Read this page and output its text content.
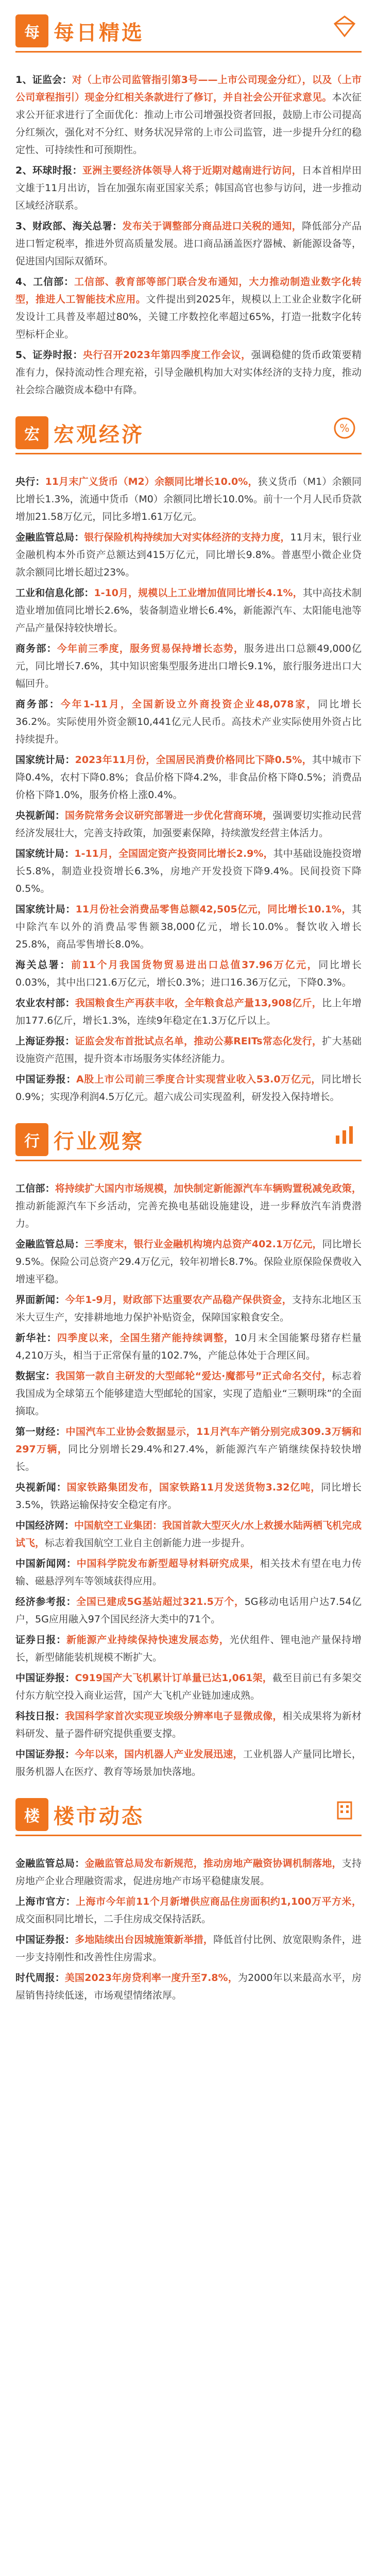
每 每日精选

1、证监会：对（上市公司监管指引第3号——上市公司现金分红），以及（上市公司章程指引）现金分红相关条款进行了修订，并自社会公开征求意见。本次征求公开征求进行了全面优化：推动上市公司增强投资者回报，鼓励上市公司提高分红频次，强化对不分红、财务状况异常的上市公司监管，进一步提升分红的稳定性、可持续性和可预期性。

2、环球时报：亚洲主要经济体领导人将于近期对越南进行访问，日本首相岸田文雄于11月出访，旨在加强东南亚国家关系；韩国高官也参与访问，进一步推动区域经济联系。

3、财政部、海关总署：发布关于调整部分商品进口关税的通知，降低部分产品进口暂定税率，推进外贸高质量发展。进口商品涵盖医疗器械、新能源设备等，促进国内国际双循环。

4、工信部：工信部、教育部等部门联合发布通知，大力推动制造业数字化转型，推进人工智能技术应用。文件提出到2025年，规模以上工业企业数字化研发设计工具普及率超过80%，关键工序数控化率超过65%，打造一批数字化转型标杆企业。

5、证券时报：央行召开2023年第四季度工作会议，强调稳健的货币政策要精准有力，保持流动性合理充裕，引导金融机构加大对实体经济的支持力度，推动社会综合融资成本稳中有降。

宏 宏观经济	%

央行：11月末广义货币（M2）余额同比增长10.0%，狭义货币（M1）余额同比增长1.3%，流通中货币（M0）余额同比增长10.0%。前十一个月人民币贷款增加21.58万亿元，同比多增1.61万亿元。

金融监管总局：银行保险机构持续加大对实体经济的支持力度，11月末，银行业金融机构本外币资产总额达到415万亿元，同比增长9.8%。普惠型小微企业贷款余额同比增长超过23%。

工业和信息化部：1-10月，规模以上工业增加值同比增长4.1%，其中高技术制造业增加值同比增长2.6%，装备制造业增长6.4%，新能源汽车、太阳能电池等产品产量保持较快增长。

商务部：今年前三季度，服务贸易保持增长态势，服务进出口总额49,000亿元，同比增长7.6%，其中知识密集型服务进出口增长9.1%，旅行服务进出口大幅回升。

商务部：今年1-11月，全国新设立外商投资企业48,078家，同比增长36.2%。实际使用外资金额10,441亿元人民币。高技术产业实际使用外资占比持续提升。

国家统计局：2023年11月份，全国居民消费价格同比下降0.5%，其中城市下降0.4%，农村下降0.8%；食品价格下降4.2%，非食品价格下降0.5%；消费品价格下降1.0%，服务价格上涨0.4%。

央视新闻：国务院常务会议研究部署进一步优化营商环境，强调要切实推动民营经济发展壮大，完善支持政策，加强要素保障，持续激发经营主体活力。

国家统计局：1-11月，全国固定资产投资同比增长2.9%，其中基础设施投资增长5.8%，制造业投资增长6.3%，房地产开发投资下降9.4%。民间投资下降0.5%。

国家统计局：11月份社会消费品零售总额42,505亿元，同比增长10.1%，其中除汽车以外的消费品零售额38,000亿元，增长10.0%。餐饮收入增长25.8%，商品零售增长8.0%。

海关总署：前11个月我国货物贸易进出口总值37.96万亿元，同比增长0.03%，其中出口21.6万亿元，增长0.3%；进口16.36万亿元，下降0.3%。

农业农村部：我国粮食生产再获丰收，全年粮食总产量13,908亿斤，比上年增加177.6亿斤，增长1.3%，连续9年稳定在1.3万亿斤以上。

上海证券报：证监会发布首批试点名单，推动公募REITs常态化发行，扩大基础设施资产范围，提升资本市场服务实体经济能力。

中国证券报：A股上市公司前三季度合计实现营业收入53.0万亿元，同比增长0.9%；实现净利润4.5万亿元。超六成公司实现盈利，研发投入保持增长。

行 行业观察

工信部：将持续扩大国内市场规模，加快制定新能源汽车车辆购置税减免政策，推动新能源汽车下乡活动，完善充换电基础设施建设，进一步释放汽车消费潜力。

金融监管总局：三季度末，银行业金融机构境内总资产402.1万亿元，同比增长9.5%。保险公司总资产29.4万亿元，较年初增长8.7%。保险业原保险保费收入增速平稳。

界面新闻：今年1-9月，财政部下达重要农产品稳产保供资金，支持东北地区玉米大豆生产，安排耕地地力保护补贴资金，保障国家粮食安全。

新华社：四季度以来，全国生猪产能持续调整，10月末全国能繁母猪存栏量4,210万头，相当于正常保有量的102.7%，产能总体处于合理区间。

数据宝：我国第一款自主研发的大型邮轮“爱达·魔都号”正式命名交付，标志着我国成为全球第五个能够建造大型邮轮的国家，实现了造船业“三颗明珠”的全面摘取。

第一财经：中国汽车工业协会数据显示，11月汽车产销分别完成309.3万辆和297万辆，同比分别增长29.4%和27.4%，新能源汽车产销继续保持较快增长。

央视新闻：国家铁路集团发布，国家铁路11月发送货物3.32亿吨，同比增长3.5%，铁路运输保持安全稳定有序。

中国经济网：中国航空工业集团：我国首款大型灭火/水上救援水陆两栖飞机完成试飞，标志着我国航空工业自主创新能力进一步提升。

中国新闻网：中国科学院发布新型超导材料研究成果，相关技术有望在电力传输、磁悬浮列车等领域获得应用。

经济参考报：全国已建成5G基站超过321.5万个，5G移动电话用户达7.54亿户，5G应用融入97个国民经济大类中的71个。

证券日报：新能源产业持续保持快速发展态势，光伏组件、锂电池产量保持增长，新型储能装机规模不断扩大。

中国证券报：C919国产大飞机累计订单量已达1,061架，截至目前已有多架交付东方航空投入商业运营，国产大飞机产业链加速成熟。

科技日报：我国科学家首次实现亚埃级分辨率电子显微成像，相关成果将为新材料研发、量子器件研究提供重要支撑。

中国证券报：今年以来，国内机器人产业发展迅速，工业机器人产量同比增长，服务机器人在医疗、教育等场景加快落地。

楼 楼市动态

金融监管总局：金融监管总局发布新规范，推动房地产融资协调机制落地，支持房地产企业合理融资需求，促进房地产市场平稳健康发展。

上海市官方：上海市今年前11个月新增供应商品住房面积约1,100万平方米，成交面积同比增长，二手住房成交保持活跃。

中国证券报：多地陆续出台因城施策新举措，降低首付比例、放宽限购条件，进一步支持刚性和改善性住房需求。

时代周报：美国2023年房贷利率一度升至7.8%，为2000年以来最高水平，房屋销售持续低迷，市场观望情绪浓厚。
